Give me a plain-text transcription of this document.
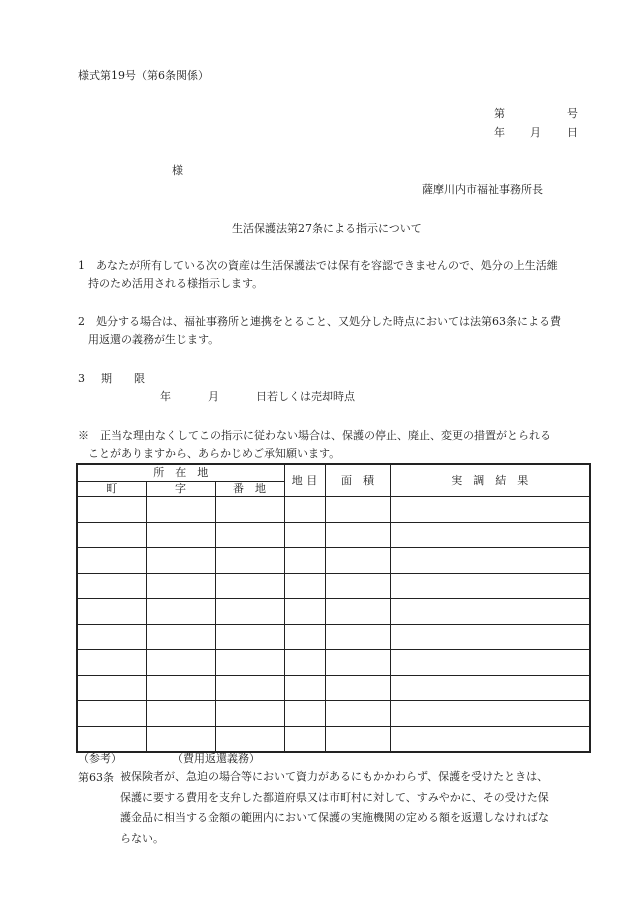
様式第19号（第6条関係）
第	号
年 月 日
様
薩摩川内市福祉事務所長
生活保護法第27条による指示について
1　 あなたが所有している次の資産は生活保護法では保有を容認できませんので、処分の上生活維
持のため活用される様指示します。
2　 処分する場合は、福祉事務所と連携をとること、又処分した時点においては法第63条による費
用返還の義務が生じます。
3 期　　限
年	月	日若しくは売却時点
※　 正当な理由なくしてこの指示に従わない場合は、保護の停止、廃止、変更の措置がとられる
ことがありますから、あらかじめご承知願います。
所　在　地			地 目	面　積	実　調　結　果
町	字	番　地			

（参考）	（費用返還義務）
第63条 被保険者が、急迫の場合等において資力があるにもかかわらず、保護を受けたときは、
保護に要する費用を支弁した都道府県又は市町村に対して、すみやかに、その受けた保
護金品に相当する金額の範囲内において保護の実施機関の定める額を返還しなければな
らない。
